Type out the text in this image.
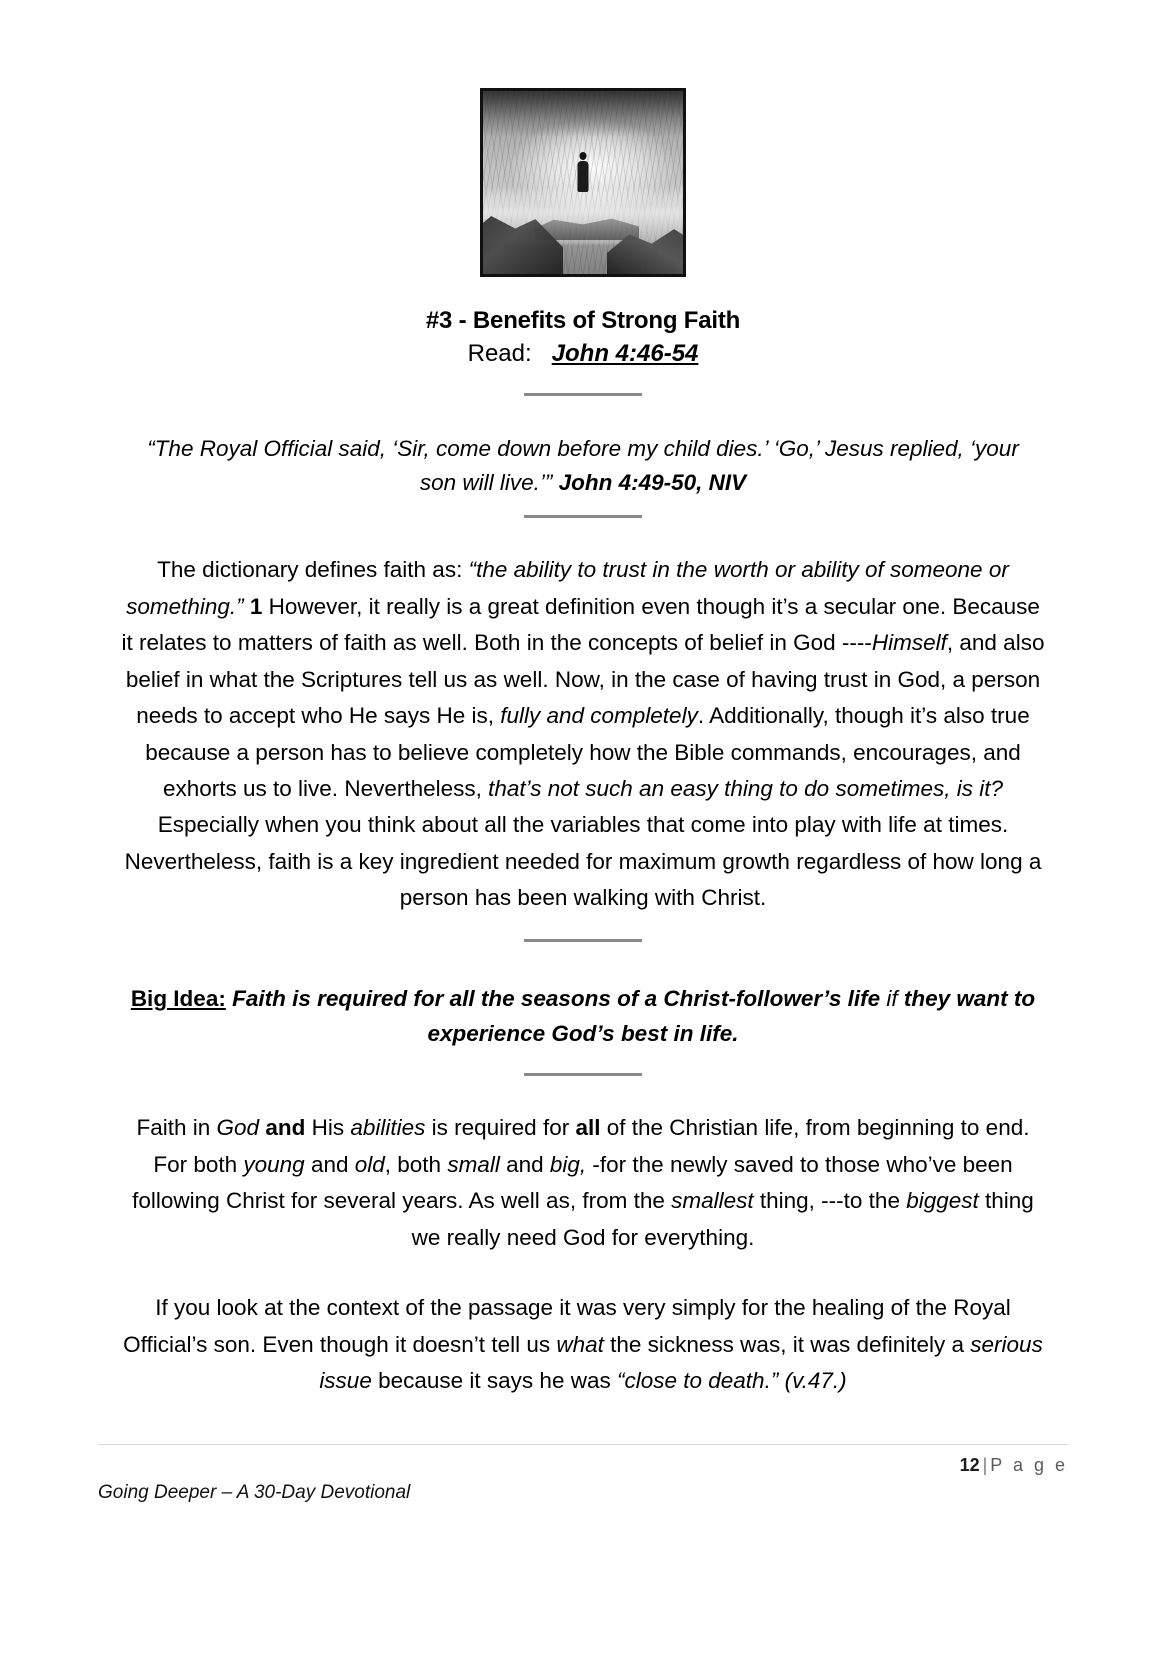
#3 - Benefits of Strong Faith
Read: John 4:46-54
“The Royal Official said, ‘Sir, come down before my child dies.’ ‘Go,’ Jesus replied, ‘your son will live.’” John 4:49-50, NIV
The dictionary defines faith as: “the ability to trust in the worth or ability of someone or something.” 1 However, it really is a great definition even though it’s a secular one. Because it relates to matters of faith as well. Both in the concepts of belief in God ----Himself, and also belief in what the Scriptures tell us as well. Now, in the case of having trust in God, a person needs to accept who He says He is, fully and completely. Additionally, though it’s also true because a person has to believe completely how the Bible commands, encourages, and exhorts us to live. Nevertheless, that’s not such an easy thing to do sometimes, is it? Especially when you think about all the variables that come into play with life at times. Nevertheless, faith is a key ingredient needed for maximum growth regardless of how long a person has been walking with Christ.
Big Idea: Faith is required for all the seasons of a Christ-follower’s life if they want to experience God’s best in life.
Faith in God and His abilities is required for all of the Christian life, from beginning to end. For both young and old, both small and big, -for the newly saved to those who’ve been following Christ for several years. As well as, from the smallest thing, ---to the biggest thing we really need God for everything.
If you look at the context of the passage it was very simply for the healing of the Royal Official’s son. Even though it doesn’t tell us what the sickness was, it was definitely a serious issue because it says he was “close to death.” (v.47.)
12 | P a g e
Going Deeper – A 30-Day Devotional
